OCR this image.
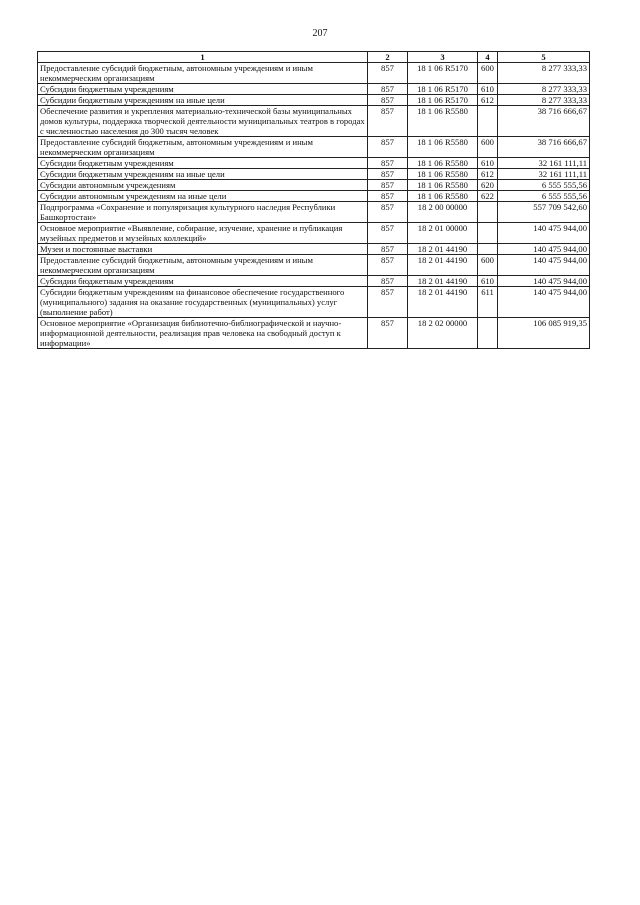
207
1	2	3	4	5
Предоставление субсидий бюджетным, автономным учреждениям и иным некоммерческим организациям	857	18 1 06 R5170	600	8 277 333,33
Субсидии бюджетным учреждениям	857	18 1 06 R5170	610	8 277 333,33
Субсидии бюджетным учреждениям на иные цели	857	18 1 06 R5170	612	8 277 333,33
Обеспечение развития и укрепления материально-технической базы муниципальных домов культуры, поддержка творческой деятельности муниципальных театров в городах с численностью населения до 300 тысяч человек	857	18 1 06 R5580		38 716 666,67
Предоставление субсидий бюджетным, автономным учреждениям и иным некоммерческим организациям	857	18 1 06 R5580	600	38 716 666,67
Субсидии бюджетным учреждениям	857	18 1 06 R5580	610	32 161 111,11
Субсидии бюджетным учреждениям на иные цели	857	18 1 06 R5580	612	32 161 111,11
Субсидии автономным учреждениям	857	18 1 06 R5580	620	6 555 555,56
Субсидии автономным учреждениям на иные цели	857	18 1 06 R5580	622	6 555 555,56
Подпрограмма «Сохранение и популяризация культурного наследия Республики Башкортостан»	857	18 2 00 00000		557 709 542,60
Основное мероприятие «Выявление, собирание, изучение, хранение и публикация музейных предметов и музейных коллекций»	857	18 2 01 00000		140 475 944,00
Музеи и постоянные выставки	857	18 2 01 44190		140 475 944,00
Предоставление субсидий бюджетным, автономным учреждениям и иным некоммерческим организациям	857	18 2 01 44190	600	140 475 944,00
Субсидии бюджетным учреждениям	857	18 2 01 44190	610	140 475 944,00
Субсидии бюджетным учреждениям на финансовое обеспечение государственного (муниципального) задания на оказание государственных (муниципальных) услуг (выполнение работ)	857	18 2 01 44190	611	140 475 944,00
Основное мероприятие «Организация библиотечно-библиографической и научно-информационной деятельности, реализация прав человека на свободный доступ к информации»	857	18 2 02 00000		106 085 919,35
